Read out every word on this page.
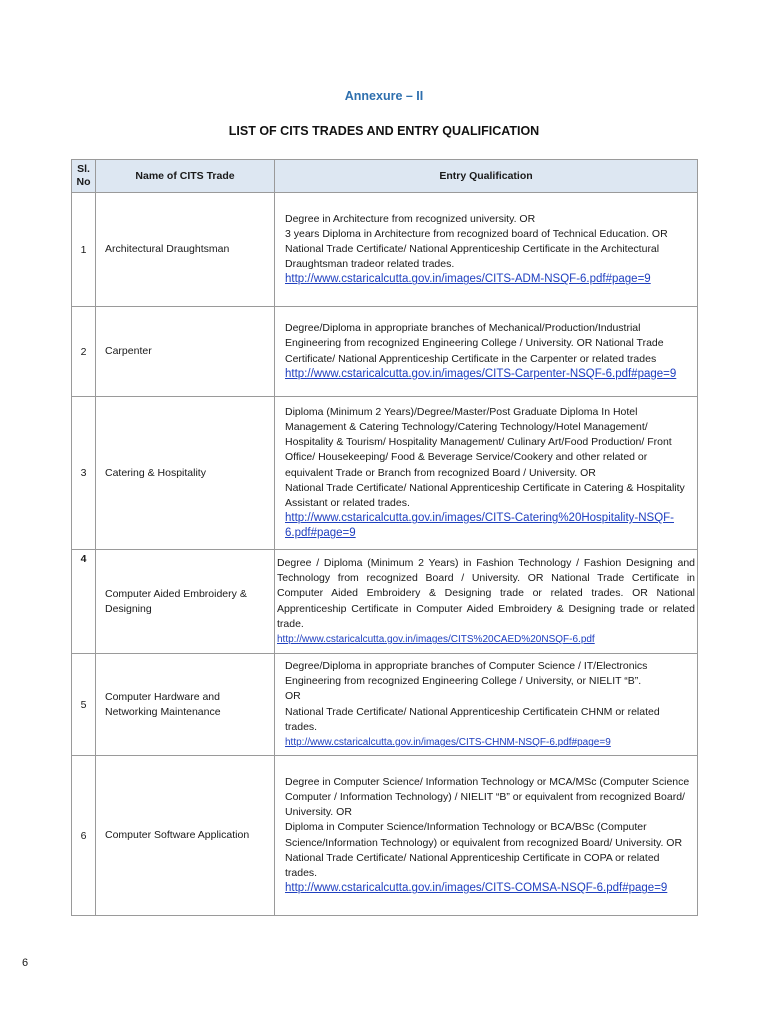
Annexure – II
LIST OF CITS TRADES AND ENTRY QUALIFICATION
Sl.
No	Name of CITS Trade	Entry Qualification
1	Architectural Draughtsman	Degree in Architecture from recognized university. OR
3 years Diploma in Architecture from recognized board of Technical Education. OR
National Trade Certificate/ National Apprenticeship Certificate in the Architectural Draughtsman tradeor related trades.
http://www.cstaricalcutta.gov.in/images/CITS-ADM-NSQF-6.pdf#page=9

2	Carpenter	Degree/Diploma in appropriate branches of Mechanical/Production/Industrial Engineering from recognized Engineering College / University. OR National Trade Certificate/ National Apprenticeship Certificate in the Carpenter or related trades
http://www.cstaricalcutta.gov.in/images/CITS-Carpenter-NSQF-6.pdf#page=9

3	Catering & Hospitality	Diploma (Minimum 2 Years)/Degree/Master/Post Graduate Diploma In Hotel Management & Catering Technology/Catering Technology/Hotel Management/ Hospitality & Tourism/ Hospitality Management/ Culinary Art/Food Production/ Front Office/ Housekeeping/ Food & Beverage Service/Cookery and other related or equivalent Trade or Branch from recognized Board / University. OR
National Trade Certificate/ National Apprenticeship Certificate in Catering & Hospitality Assistant or related trades.
http://www.cstaricalcutta.gov.in/images/CITS-Catering%20Hospitality-NSQF-6.pdf#page=9

4	Computer Aided Embroidery & Designing	Degree / Diploma (Minimum 2 Years) in Fashion Technology / Fashion Designing and Technology from recognized Board / University. OR National Trade Certificate in Computer Aided Embroidery & Designing trade or related trades. OR National Apprenticeship Certificate in Computer Aided Embroidery & Designing trade or related trade.
http://www.cstaricalcutta.gov.in/images/CITS%20CAED%20NSQF-6.pdf

5	Computer Hardware and Networking Maintenance	Degree/Diploma in appropriate branches of Computer Science / IT/Electronics Engineering from recognized Engineering College / University, or NIELIT “B”.
OR
National Trade Certificate/ National Apprenticeship Certificatein CHNM or related trades.
http://www.cstaricalcutta.gov.in/images/CITS-CHNM-NSQF-6.pdf#page=9

6	Computer Software Application	Degree in Computer Science/ Information Technology or MCA/MSc (Computer Science Computer / Information Technology) / NIELIT “B” or equivalent from recognized Board/ University. OR
Diploma in Computer Science/Information Technology or BCA/BSc (Computer Science/Information Technology) or equivalent from recognized Board/ University. OR
National Trade Certificate/ National Apprenticeship Certificate in COPA or related trades.
http://www.cstaricalcutta.gov.in/images/CITS-COMSA-NSQF-6.pdf#page=9
6
